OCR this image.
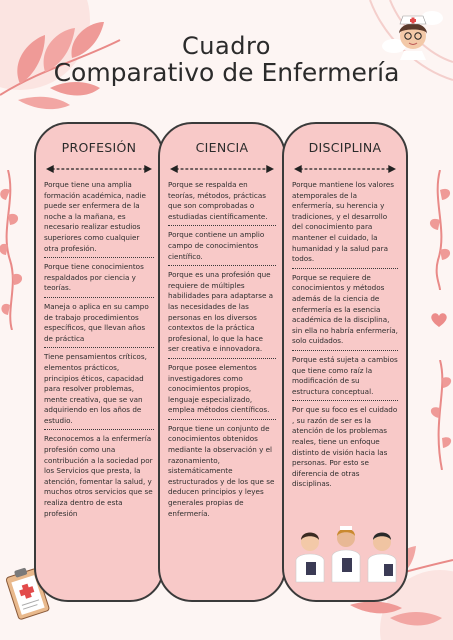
Cuadro
Comparativo de Enfermería
PROFESIÓN
Porque tiene una amplia formación académica, nadie puede ser enfermera de la noche a la mañana, es necesario realizar estudios superiores como cualquier otra profesión.
Porque tiene conocimientos respaldados por ciencia y teorías.
Maneja o aplica en su campo de trabajo procedimientos específicos, que llevan años de práctica
Tiene pensamientos críticos, elementos prácticos, principios éticos, capacidad para resolver problemas, mente creativa, que se van adquiriendo en los años de estudio.
Reconocemos a la enfermería profesión como una contribución a la sociedad por los Servicios que presta, la atención, fomentar la salud, y muchos otros servicios que se realiza dentro de esta profesión
CIENCIA
Porque se respalda en teorías, métodos, prácticas que son comprobadas o estudiadas científicamente.
Porque contiene un amplio campo de conocimientos científico.
Porque es una profesión que requiere de múltiples habilidades para adaptarse a las necesidades de las personas en los diversos contextos de la práctica profesional, lo que la hace ser creativa e innovadora.
Porque posee elementos investigadores como conocimientos propios, lenguaje especializado, emplea métodos científicos.
Porque tiene un conjunto de conocimientos obtenidos mediante la observación y el razonamiento, sistemáticamente estructurados y de los que se deducen principios y leyes generales propias de enfermería.
DISCIPLINA
Porque mantiene los valores atemporales de la enfermería, su herencia y tradiciones, y el desarrollo del conocimiento para mantener el cuidado, la humanidad y la salud para todos.
Porque se requiere de conocimientos y métodos además de la ciencia de enfermería es la esencia académica de la disciplina, sin ella no habría enfermería, solo cuidados.
Porque está sujeta a cambios que tiene como raíz la modificación de su estructura conceptual.
Por que su foco es el cuidado , su razón de ser es la atención de los problemas reales, tiene un enfoque distinto de visión hacia las personas. Por esto se diferencia de otras disciplinas.
